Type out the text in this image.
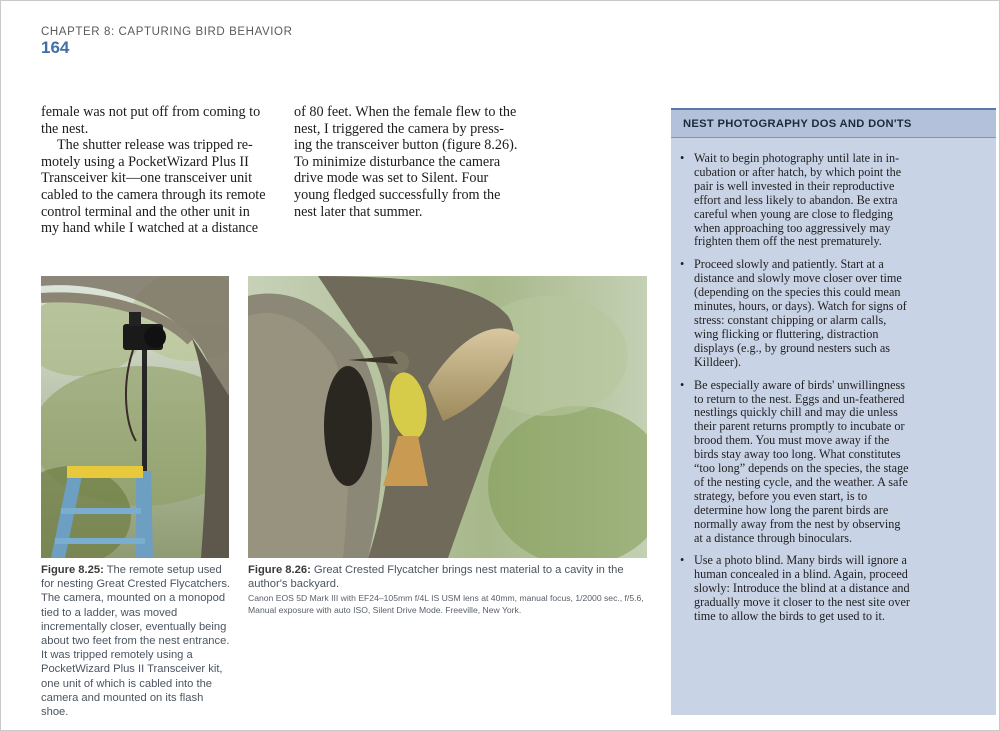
CHAPTER 8: CAPTURING BIRD BEHAVIOR
164

female was not put off from coming to the nest.

The shutter release was tripped re-motely using a PocketWizard Plus II Transceiver kit—one transceiver unit cabled to the camera through its remote control terminal and the other unit in my hand while I watched at a distance

of 80 feet. When the female flew to the nest, I triggered the camera by press-ing the transceiver button (figure 8.26). To minimize disturbance the camera drive mode was set to Silent. Four young fledged successfully from the nest later that summer.

Figure 8.25: The remote setup used for nesting Great Crested Flycatchers. The camera, mounted on a monopod tied to a ladder, was moved incrementally closer, eventually being about two feet from the nest entrance. It was tripped remotely using a PocketWizard Plus II Transceiver kit, one unit of which is cabled into the camera and mounted on its flash shoe.
Figure 8.26: Great Crested Flycatcher brings nest material to a cavity in the author's backyard.
Canon EOS 5D Mark III with EF24–105mm f/4L IS USM lens at 40mm, manual focus, 1/2000 sec., f/5.6, Manual exposure with auto ISO, Silent Drive Mode. Freeville, New York.
NEST PHOTOGRAPHY DOS AND DON'TS
• Wait to begin photography until late in in-cubation or after hatch, by which point the pair is well invested in their reproductive effort and less likely to abandon. Be extra careful when young are close to fledging when approaching too aggressively may frighten them off the nest prematurely.
• Proceed slowly and patiently. Start at a distance and slowly move closer over time (depending on the species this could mean minutes, hours, or days). Watch for signs of stress: constant chipping or alarm calls, wing flicking or fluttering, distraction displays (e.g., by ground nesters such as Killdeer).
• Be especially aware of birds' unwillingness to return to the nest. Eggs and un-feathered nestlings quickly chill and may die unless their parent returns promptly to incubate or brood them. You must move away if the birds stay away too long. What constitutes “too long” depends on the species, the stage of the nesting cycle, and the weather. A safe strategy, before you even start, is to determine how long the parent birds are normally away from the nest by observing at a distance through binoculars.
• Use a photo blind. Many birds will ignore a human concealed in a blind. Again, proceed slowly: Introduce the blind at a distance and gradually move it closer to the nest site over time to allow the birds to get used to it.
